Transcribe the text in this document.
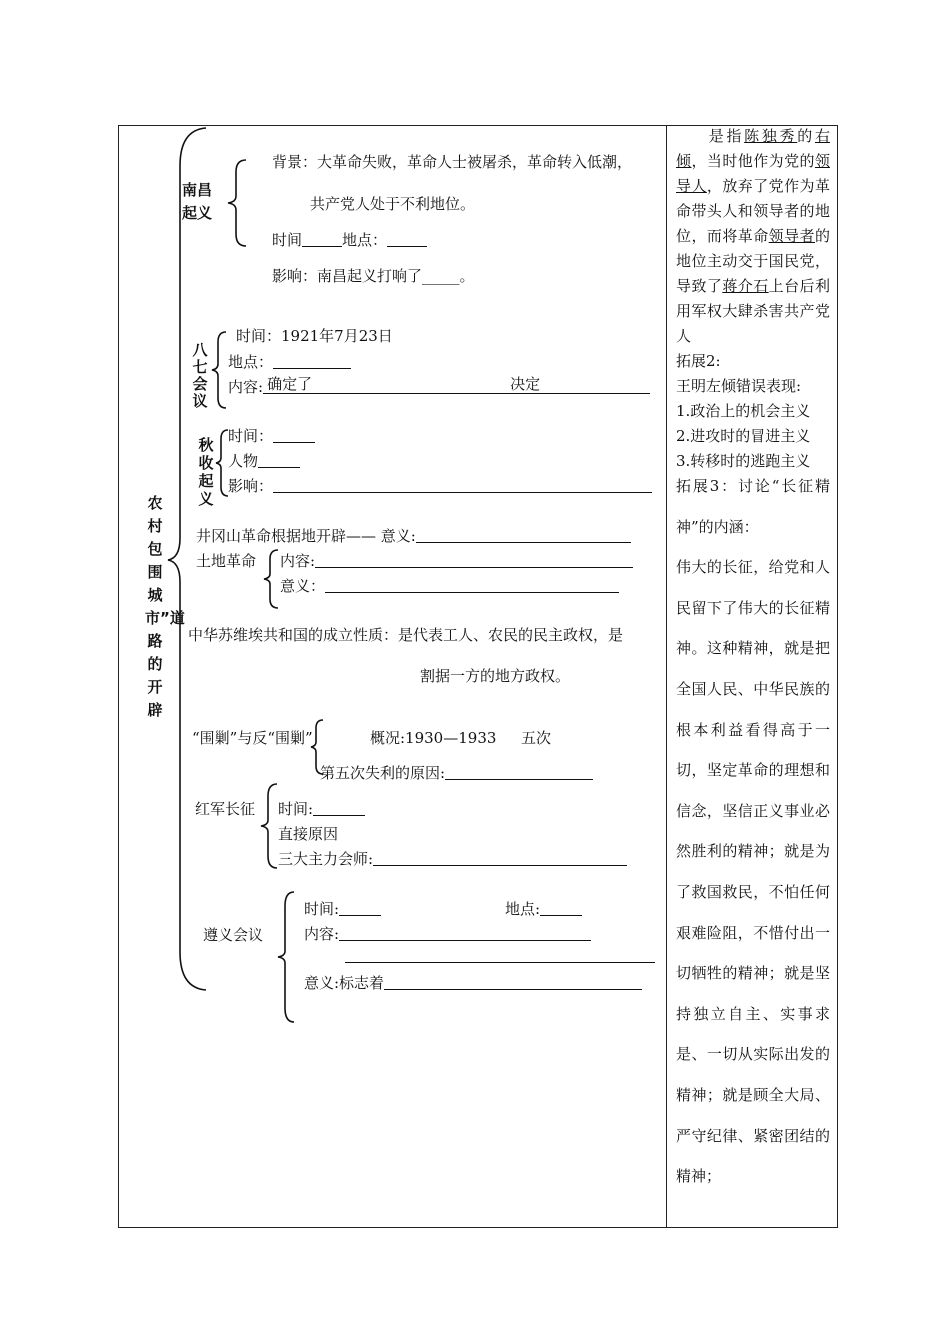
农村包围城市”道路的开辟
南昌起义
背景：大革命失败，革命人士被屠杀，革命转入低潮，
共产党人处于不利地位。
时间	地点：
影响：南昌起义打响了_____。
八七会议
时间：1921年7月23日
地点：
内容: 确定了	决定
秋收起义
时间：
人物
影响：
井冈山革命根据地开辟—— 意义:
土地革命 内容:
意义：
中华苏维埃共和国的成立性质：是代表工人、农民的民主政权，是
割据一方的地方政权。
“围剿”与反“围剿”	概况:1930—1933 五次
第五次失利的原因:
红军长征 时间:
直接原因
三大主力会师:
遵义会议
时间:	地点:
内容:
意义:标志着

  是指陈独秀的右倾，当时他作为党的领导人，放弃了党作为革命带头人和领导者的地位，而将革命领导者的地位主动交于国民党，导致了蒋介石上台后利用军权大肆杀害共产党人

拓展2:

王明左倾错误表现:

1.政治上的机会主义

2.进攻时的冒进主义

3.转移时的逃跑主义

拓展3：讨论“长征精神”的内涵：

伟大的长征，给党和人民留下了伟大的长征精神。这种精神，就是把全国人民、中华民族的根本利益看得高于一切，坚定革命的理想和信念，坚信正义事业必然胜利的精神；就是为了救国救民，不怕任何艰难险阻，不惜付出一切牺牲的精神；就是坚持独立自主、实事求是、一切从实际出发的精神；就是顾全大局、严守纪律、紧密团结的精神；
